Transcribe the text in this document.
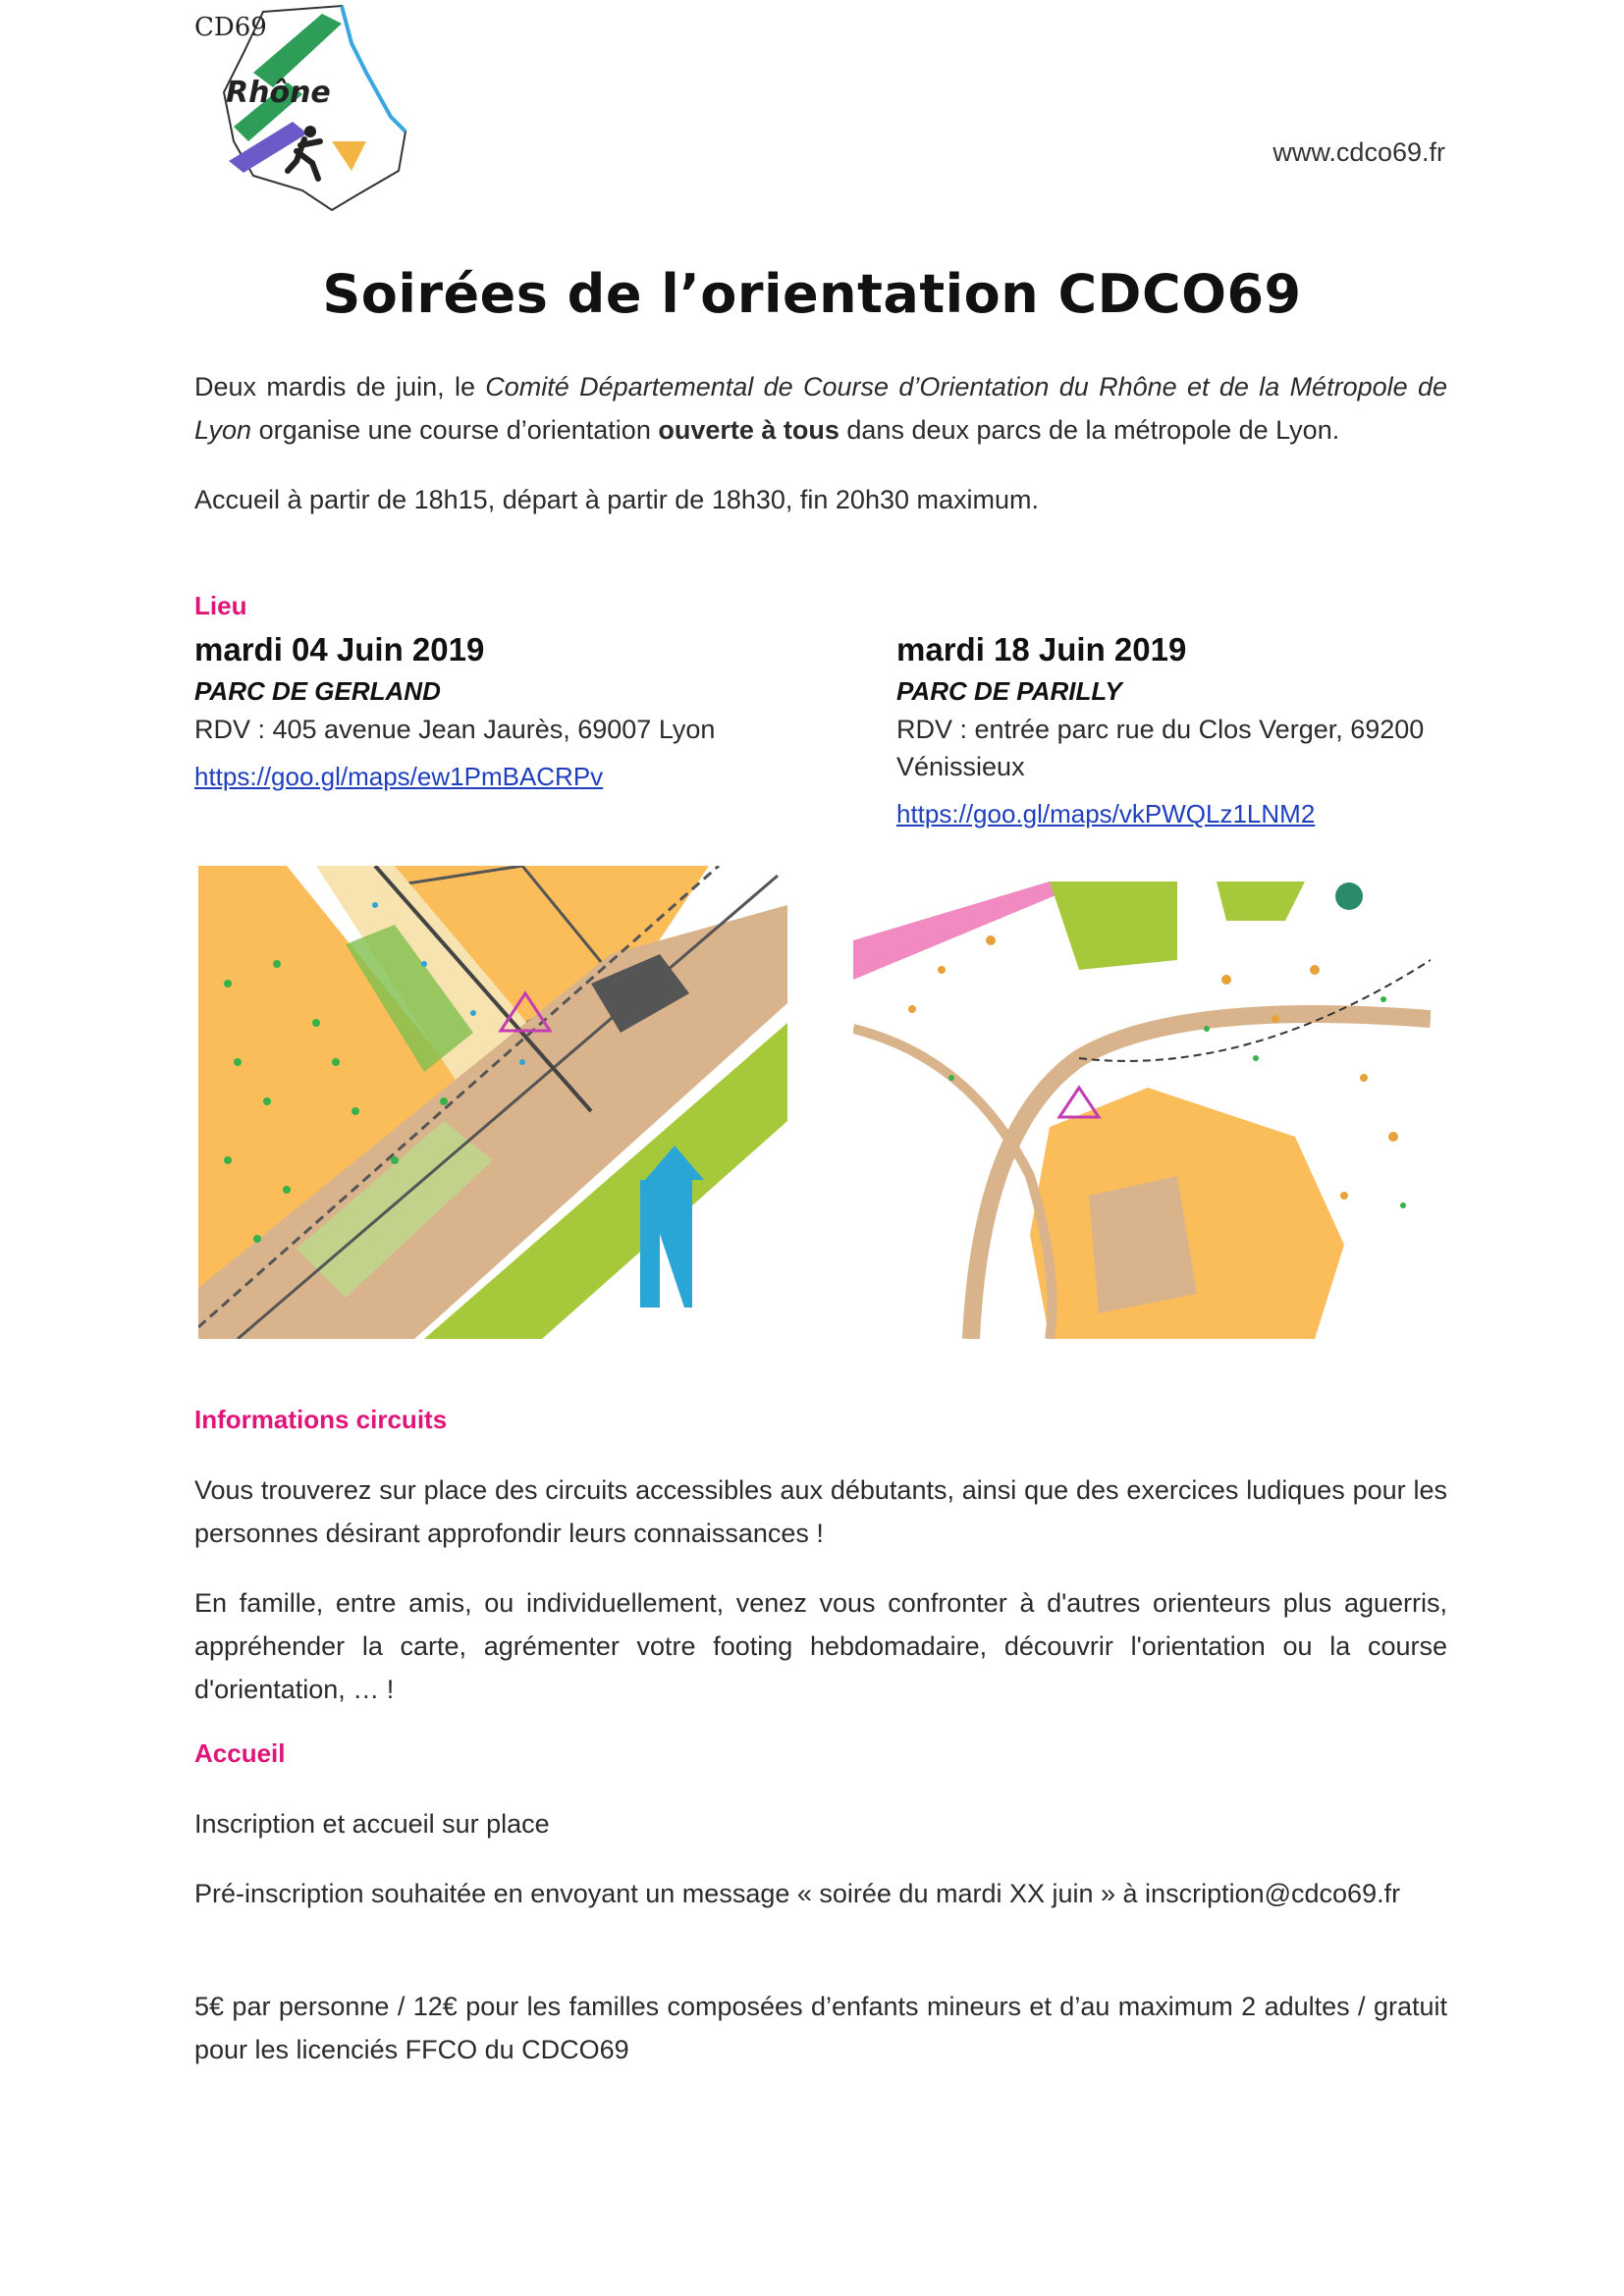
CD69
Rhône
www.cdco69.fr
Soirées de l’orientation CDCO69
Deux mardis de juin, le Comité Départemental de Course d’Orientation du Rhône et de la Métropole de Lyon organise une course d’orientation ouverte à tous dans deux parcs de la métropole de Lyon.
Accueil à partir de 18h15, départ à partir de 18h30, fin 20h30 maximum.
Lieu
mardi 04 Juin 2019
PARC DE GERLAND
RDV : 405 avenue Jean Jaurès, 69007 Lyon
https://goo.gl/maps/ew1PmBACRPv
mardi 18 Juin 2019
PARC DE PARILLY
RDV : entrée parc rue du Clos Verger, 69200 Vénissieux
https://goo.gl/maps/vkPWQLz1LNM2
Informations circuits
Vous trouverez sur place des circuits accessibles aux débutants, ainsi que des exercices ludiques pour les personnes désirant approfondir leurs connaissances !
En famille, entre amis, ou individuellement, venez vous confronter à d'autres orienteurs plus aguerris, appréhender la carte, agrémenter votre footing hebdomadaire, découvrir l'orientation ou la course d'orientation, … !
Accueil
Inscription et accueil sur place
Pré-inscription souhaitée en envoyant un message « soirée du mardi XX juin » à inscription@cdco69.fr
5€ par personne / 12€ pour les familles composées d’enfants mineurs et d’au maximum 2 adultes / gratuit pour les licenciés FFCO du CDCO69
